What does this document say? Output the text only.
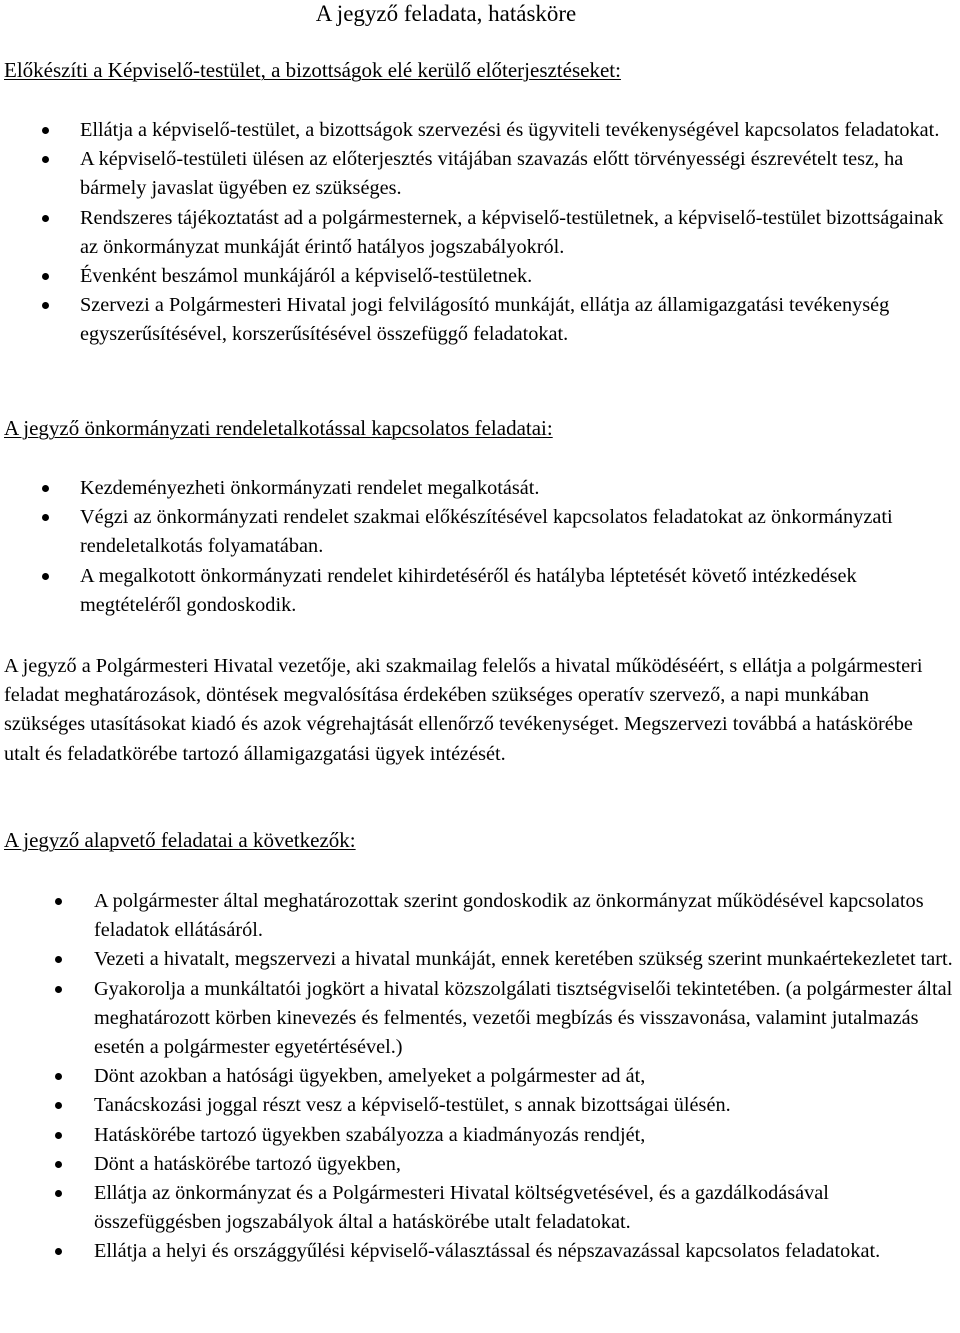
A jegyző feladata, hatásköre
Előkészíti a Képviselő-testület, a bizottságok elé kerülő előterjesztéseket:
Ellátja a képviselő-testület, a bizottságok szervezési és ügyviteli tevékenységével kapcsolatos feladatokat.
A képviselő-testületi ülésen az előterjesztés vitájában szavazás előtt törvényességi észrevételt tesz, ha bármely javaslat ügyében ez szükséges.
Rendszeres tájékoztatást ad a polgármesternek, a képviselő-testületnek, a képviselő-testület bizottságainak az önkormányzat munkáját érintő hatályos jogszabályokról.
Évenként beszámol munkájáról a képviselő-testületnek.
Szervezi a Polgármesteri Hivatal jogi felvilágosító munkáját, ellátja az államigazgatási tevékenység egyszerűsítésével, korszerűsítésével összefüggő feladatokat.
A jegyző önkormányzati rendeletalkotással kapcsolatos feladatai:
Kezdeményezheti önkormányzati rendelet megalkotását.
Végzi az önkormányzati rendelet szakmai előkészítésével kapcsolatos feladatokat az önkormányzati rendeletalkotás folyamatában.
A megalkotott önkormányzati rendelet kihirdetéséről és hatályba léptetését követő intézkedések megtételéről gondoskodik.

A jegyző a Polgármesteri Hivatal vezetője, aki szakmailag felelős a hivatal működéséért, s ellátja a polgármesteri feladat meghatározások, döntések megvalósítása érdekében szükséges operatív szervező, a napi munkában szükséges utasításokat kiadó és azok végrehajtását ellenőrző tevékenységet. Megszervezi továbbá a hatáskörébe utalt és feladatkörébe tartozó államigazgatási ügyek intézését.

A jegyző alapvető feladatai a következők:
A polgármester által meghatározottak szerint gondoskodik az önkormányzat működésével kapcsolatos feladatok ellátásáról.
Vezeti a hivatalt, megszervezi a hivatal munkáját, ennek keretében szükség szerint munkaértekezletet tart.
Gyakorolja a munkáltatói jogkört a hivatal közszolgálati tisztségviselői tekintetében. (a polgármester által meghatározott körben kinevezés és felmentés, vezetői megbízás és visszavonása, valamint jutalmazás esetén a polgármester egyetértésével.)
Dönt azokban a hatósági ügyekben, amelyeket a polgármester ad át,
Tanácskozási joggal részt vesz a képviselő-testület, s annak bizottságai ülésén.
Hatáskörébe tartozó ügyekben szabályozza a kiadmányozás rendjét,
Dönt a hatáskörébe tartozó ügyekben,
Ellátja az önkormányzat és a Polgármesteri Hivatal költségvetésével, és a gazdálkodásával összefüggésben jogszabályok által a hatáskörébe utalt feladatokat.
Ellátja a helyi és országgyűlési képviselő-választással és népszavazással kapcsolatos feladatokat.
